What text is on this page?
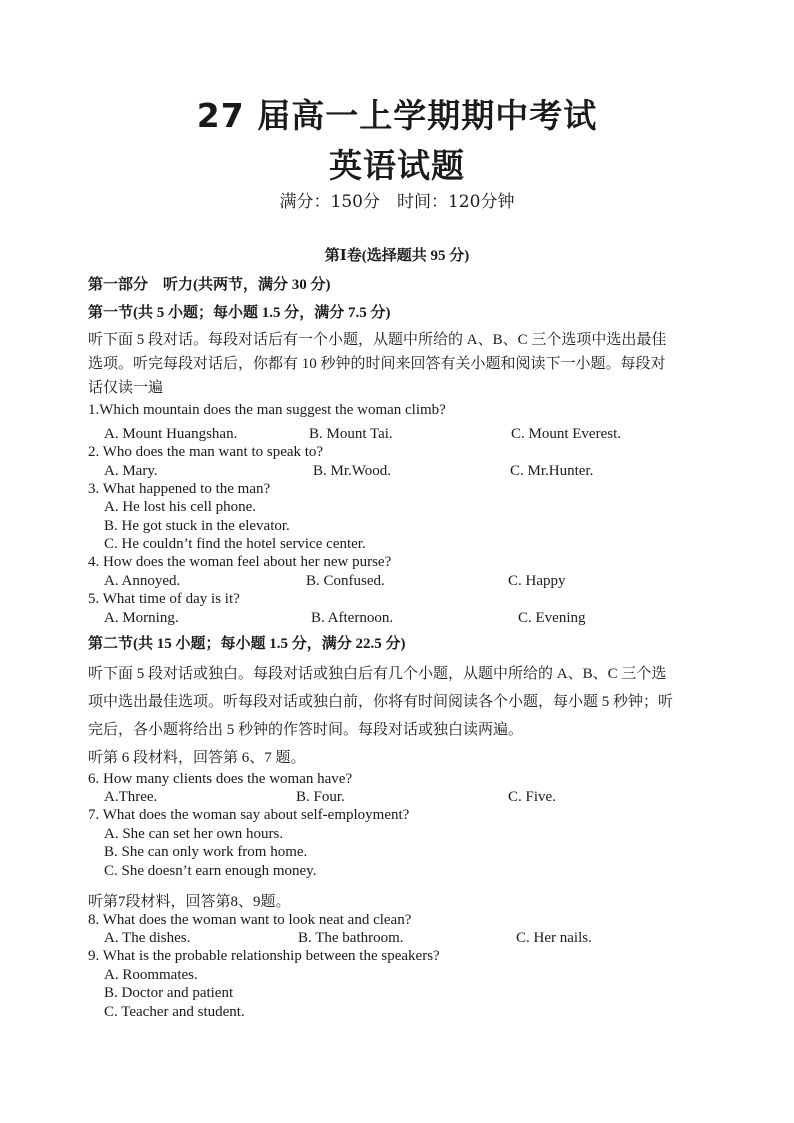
27 届高一上学期期中考试
英语试题
满分：150分　时间：120分钟
第Ⅰ卷(选择题共 95 分)
第一部分　听力(共两节，满分 30 分)
第一节(共 5 小题；每小题 1.5 分，满分 7.5 分)
听下面 5 段对话。每段对话后有一个小题，从题中所给的 A、B、C 三个选项中选出最佳
选项。听完每段对话后，你都有 10 秒钟的时间来回答有关小题和阅读下一小题。每段对
话仅读一遍
1.Which mountain does the man suggest the woman climb?
A. Mount Huangshan.	B. Mount Tai.	C. Mount Everest.
2. Who does the man want to speak to?
A. Mary.	B. Mr.Wood.	C. Mr.Hunter.
3. What happened to the man?
A. He lost his cell phone.
B. He got stuck in the elevator.
C. He couldn’t find the hotel service center.
4. How does the woman feel about her new purse?
A. Annoyed.	B. Confused.	C. Happy
5. What time of day is it?
A. Morning.	B. Afternoon.	C. Evening
第二节(共 15 小题；每小题 1.5 分，满分 22.5 分)
听下面 5 段对话或独白。每段对话或独白后有几个小题，从题中所给的 A、B、C 三个选
项中选出最佳选项。听每段对话或独白前，你将有时间阅读各个小题，每小题 5 秒钟；听
完后，各小题将给出 5 秒钟的作答时间。每段对话或独白读两遍。
听第 6 段材料，回答第 6、7 题。
6. How many clients does the woman have?
A.Three.	B. Four.	C. Five.
7. What does the woman say about self-employment?
A. She can set her own hours.
B. She can only work from home.
C. She doesn’t earn enough money.
听第7段材料，回答第8、9题。
8. What does the woman want to look neat and clean?
A. The dishes.	B. The bathroom.	C. Her nails.
9. What is the probable relationship between the speakers?
A. Roommates.
B. Doctor and patient
C. Teacher and student.
